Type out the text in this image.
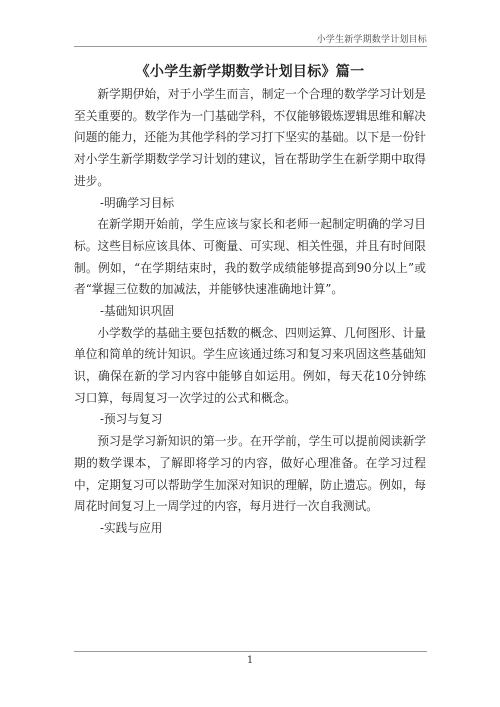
小学生新学期数学计划目标
《小学生新学期数学计划目标》篇一

新学期伊始，对于小学生而言，制定一个合理的数学学习计划是至关重要的。数学作为一门基础学科，不仅能够锻炼逻辑思维和解决问题的能力，还能为其他学科的学习打下坚实的基础。以下是一份针对小学生新学期数学学习计划的建议，旨在帮助学生在新学期中取得进步。

-明确学习目标

在新学期开始前，学生应该与家长和老师一起制定明确的学习目标。这些目标应该具体、可衡量、可实现、相关性强，并且有时间限制。例如，“在学期结束时，我的数学成绩能够提高到90分以上”或者“掌握三位数的加减法，并能够快速准确地计算”。

-基础知识巩固

小学数学的基础主要包括数的概念、四则运算、几何图形、计量单位和简单的统计知识。学生应该通过练习和复习来巩固这些基础知识，确保在新的学习内容中能够自如运用。例如，每天花10分钟练习口算，每周复习一次学过的公式和概念。

-预习与复习

预习是学习新知识的第一步。在开学前，学生可以提前阅读新学期的数学课本，了解即将学习的内容，做好心理准备。在学习过程中，定期复习可以帮助学生加深对知识的理解，防止遗忘。例如，每周花时间复习上一周学过的内容，每月进行一次自我测试。

-实践与应用

1
